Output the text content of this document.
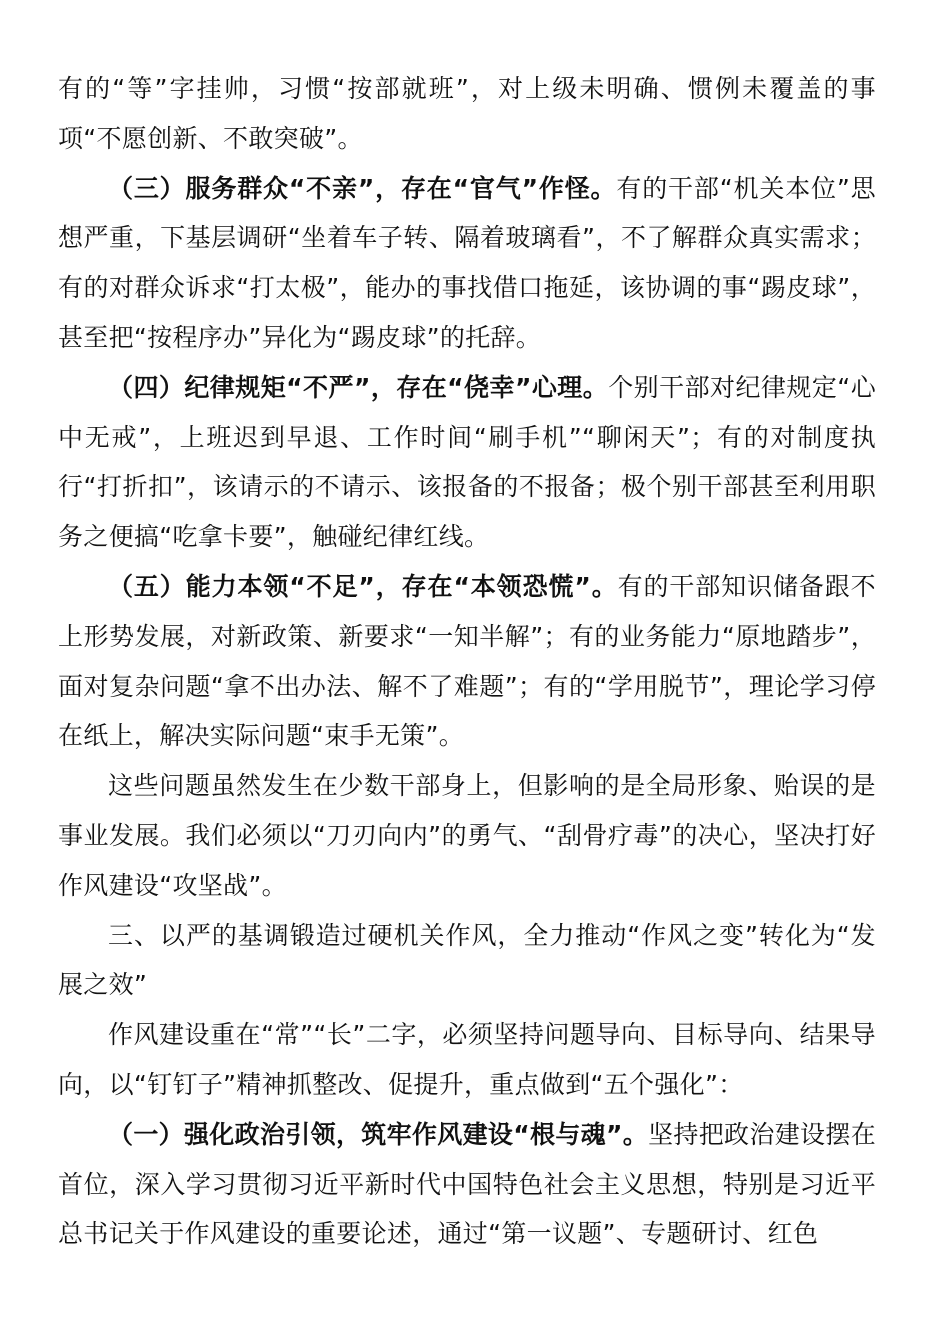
有的“等”字挂帅，习惯“按部就班”，对上级未明确、惯例未覆盖的事项“不愿创新、不敢突破”。

（三）服务群众“不亲”，存在“官气”作怪。有的干部“机关本位”思想严重，下基层调研“坐着车子转、隔着玻璃看”，不了解群众真实需求；有的对群众诉求“打太极”，能办的事找借口拖延，该协调的事“踢皮球”，甚至把“按程序办”异化为“踢皮球”的托辞。

（四）纪律规矩“不严”，存在“侥幸”心理。个别干部对纪律规定“心中无戒”，上班迟到早退、工作时间“刷手机”“聊闲天”；有的对制度执行“打折扣”，该请示的不请示、该报备的不报备；极个别干部甚至利用职务之便搞“吃拿卡要”，触碰纪律红线。

（五）能力本领“不足”，存在“本领恐慌”。有的干部知识储备跟不上形势发展，对新政策、新要求“一知半解”；有的业务能力“原地踏步”，面对复杂问题“拿不出办法、解不了难题”；有的“学用脱节”，理论学习停在纸上，解决实际问题“束手无策”。

这些问题虽然发生在少数干部身上，但影响的是全局形象、贻误的是事业发展。我们必须以“刀刃向内”的勇气、“刮骨疗毒”的决心，坚决打好作风建设“攻坚战”。

三、以严的基调锻造过硬机关作风，全力推动“作风之变”转化为“发展之效”

作风建设重在“常”“长”二字，必须坚持问题导向、目标导向、结果导向，以“钉钉子”精神抓整改、促提升，重点做到“五个强化”：

（一）强化政治引领，筑牢作风建设“根与魂”。坚持把政治建设摆在首位，深入学习贯彻习近平新时代中国特色社会主义思想，特别是习近平总书记关于作风建设的重要论述，通过“第一议题”、专题研讨、红色
